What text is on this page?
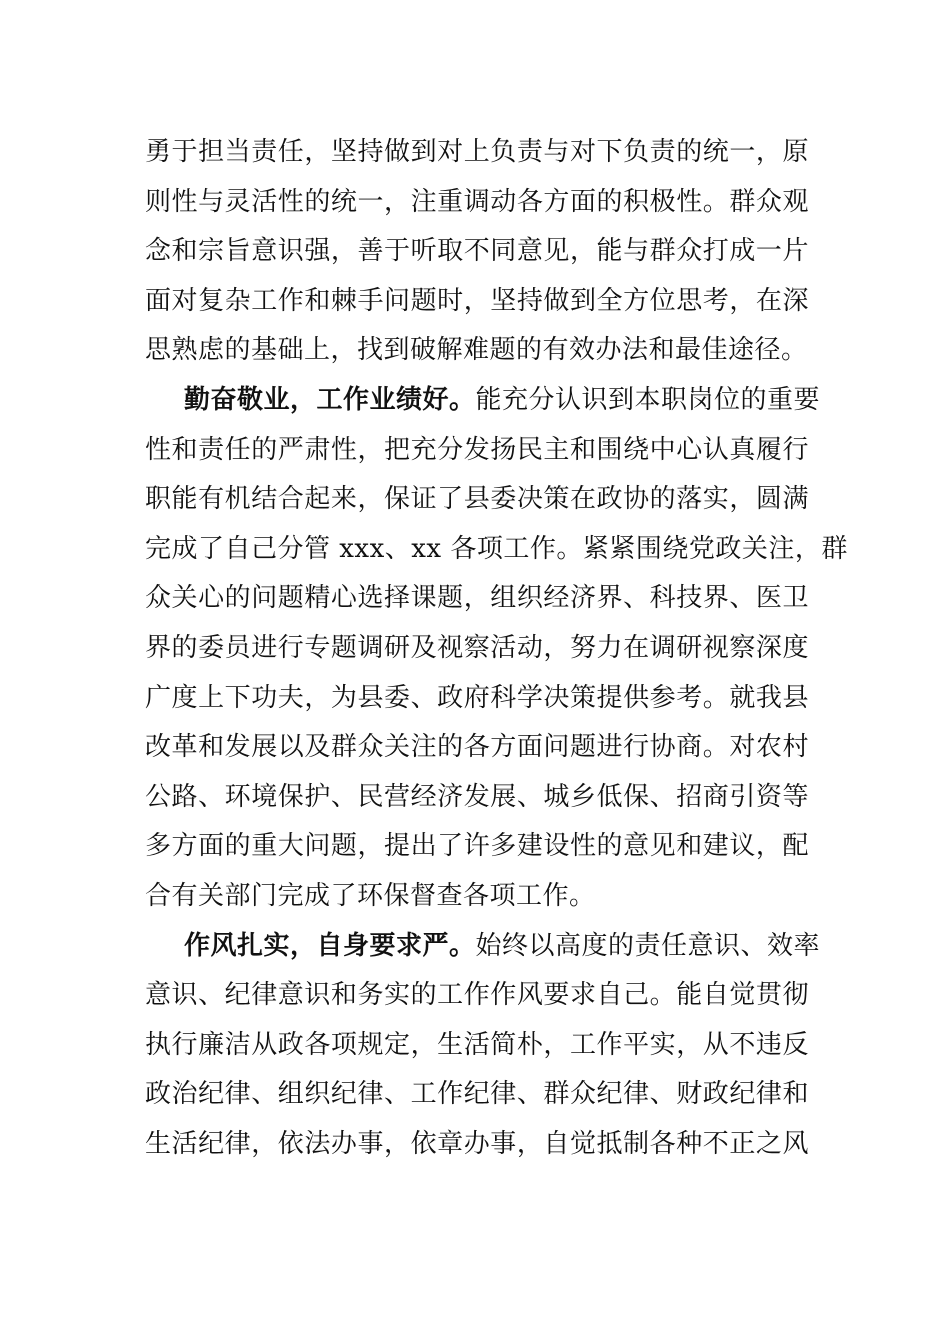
勇于担当责任，坚持做到对上负责与对下负责的统一，原
则性与灵活性的统一，注重调动各方面的积极性。群众观
念和宗旨意识强，善于听取不同意见，能与群众打成一片
面对复杂工作和棘手问题时，坚持做到全方位思考，在深
思熟虑的基础上，找到破解难题的有效办法和最佳途径。
勤奋敬业，工作业绩好。能充分认识到本职岗位的重要
性和责任的严肃性，把充分发扬民主和围绕中心认真履行
职能有机结合起来，保证了县委决策在政协的落实，圆满
完成了自己分管 xxx、xx 各项工作。紧紧围绕党政关注，群
众关心的问题精心选择课题，组织经济界、科技界、医卫
界的委员进行专题调研及视察活动，努力在调研视察深度
广度上下功夫，为县委、政府科学决策提供参考。就我县
改革和发展以及群众关注的各方面问题进行协商。对农村
公路、环境保护、民营经济发展、城乡低保、招商引资等
多方面的重大问题，提出了许多建设性的意见和建议，配
合有关部门完成了环保督查各项工作。
作风扎实，自身要求严。始终以高度的责任意识、效率
意识、纪律意识和务实的工作作风要求自己。能自觉贯彻
执行廉洁从政各项规定，生活简朴，工作平实，从不违反
政治纪律、组织纪律、工作纪律、群众纪律、财政纪律和
生活纪律，依法办事，依章办事，自觉抵制各种不正之风
